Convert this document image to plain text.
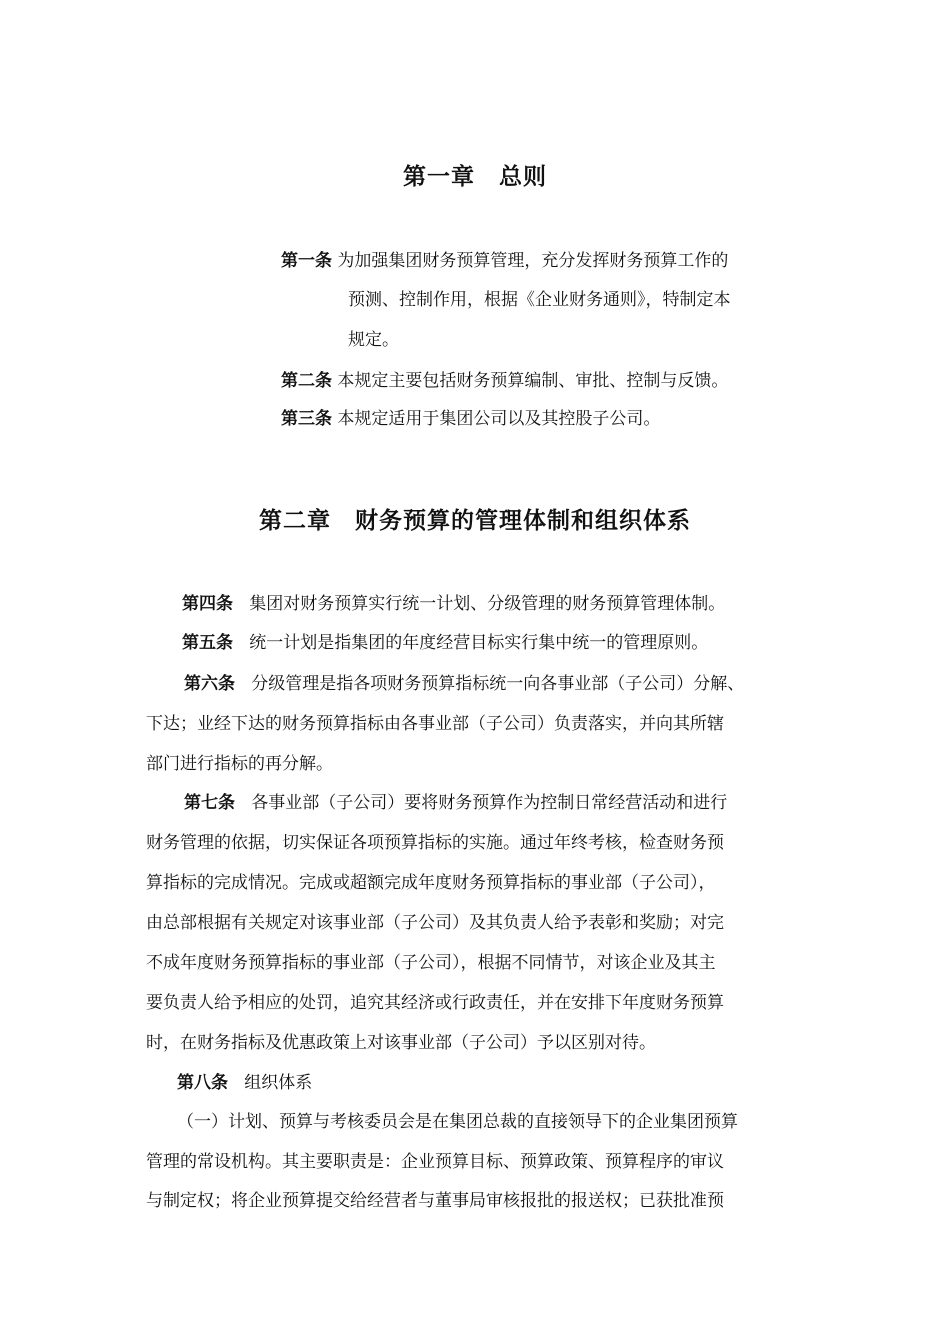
第一章　总则
第一条 为加强集团财务预算管理，充分发挥财务预算工作的
预测、控制作用，根据《企业财务通则》，特制定本
规定。
第二条 本规定主要包括财务预算编制、审批、控制与反馈。
第三条 本规定适用于集团公司以及其控股子公司。
第二章　财务预算的管理体制和组织体系
第四条 集团对财务预算实行统一计划、分级管理的财务预算管理体制。
第五条 统一计划是指集团的年度经营目标实行集中统一的管理原则。
第六条 分级管理是指各项财务预算指标统一向各事业部（子公司）分解、
下达；业经下达的财务预算指标由各事业部（子公司）负责落实，并向其所辖
部门进行指标的再分解。
第七条 各事业部（子公司）要将财务预算作为控制日常经营活动和进行
财务管理的依据，切实保证各项预算指标的实施。通过年终考核，检查财务预
算指标的完成情况。完成或超额完成年度财务预算指标的事业部（子公司），
由总部根据有关规定对该事业部（子公司）及其负责人给予表彰和奖励；对完
不成年度财务预算指标的事业部（子公司），根据不同情节，对该企业及其主
要负责人给予相应的处罚，追究其经济或行政责任，并在安排下年度财务预算
时，在财务指标及优惠政策上对该事业部（子公司）予以区别对待。
第八条 组织体系
（一）计划、预算与考核委员会是在集团总裁的直接领导下的企业集团预算
管理的常设机构。其主要职责是：企业预算目标、预算政策、预算程序的审议
与制定权；将企业预算提交给经营者与董事局审核报批的报送权；已获批准预
